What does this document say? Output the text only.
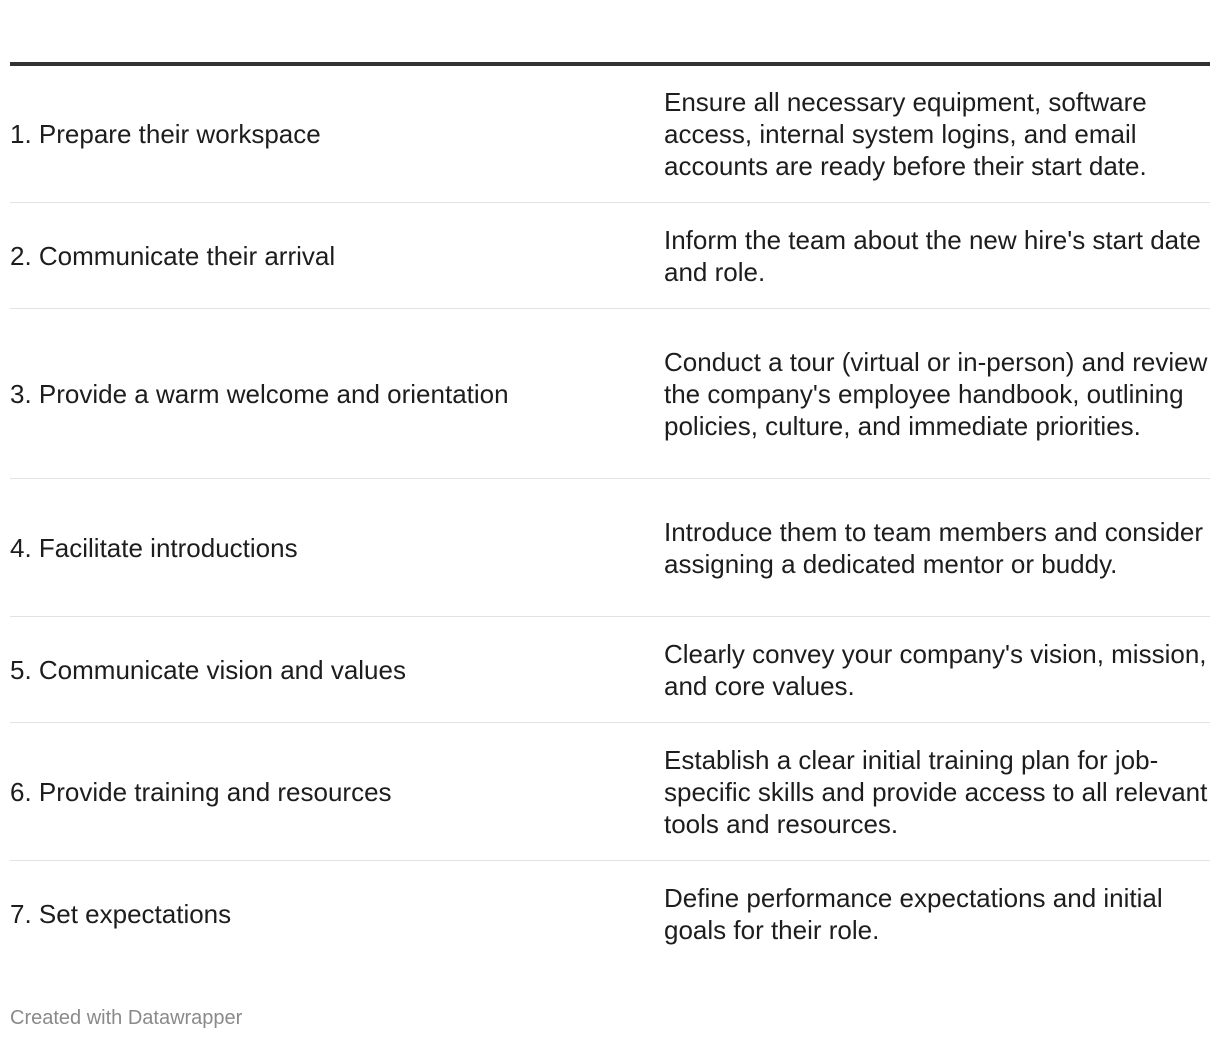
1. Prepare their workspace
Ensure all necessary equipment, software access, internal system logins, and email accounts are ready before their start date.
2. Communicate their arrival
Inform the team about the new hire's start date and role.
3. Provide a warm welcome and orientation
Conduct a tour (virtual or in-person) and review the company's employee handbook, outlining policies, culture, and immediate priorities.
4. Facilitate introductions
Introduce them to team members and consider assigning a dedicated mentor or buddy.
5. Communicate vision and values
Clearly convey your company's vision, mission, and core values.
6. Provide training and resources
Establish a clear initial training plan for job-specific skills and provide access to all relevant tools and resources.
7. Set expectations
Define performance expectations and initial goals for their role.
Created with Datawrapper
